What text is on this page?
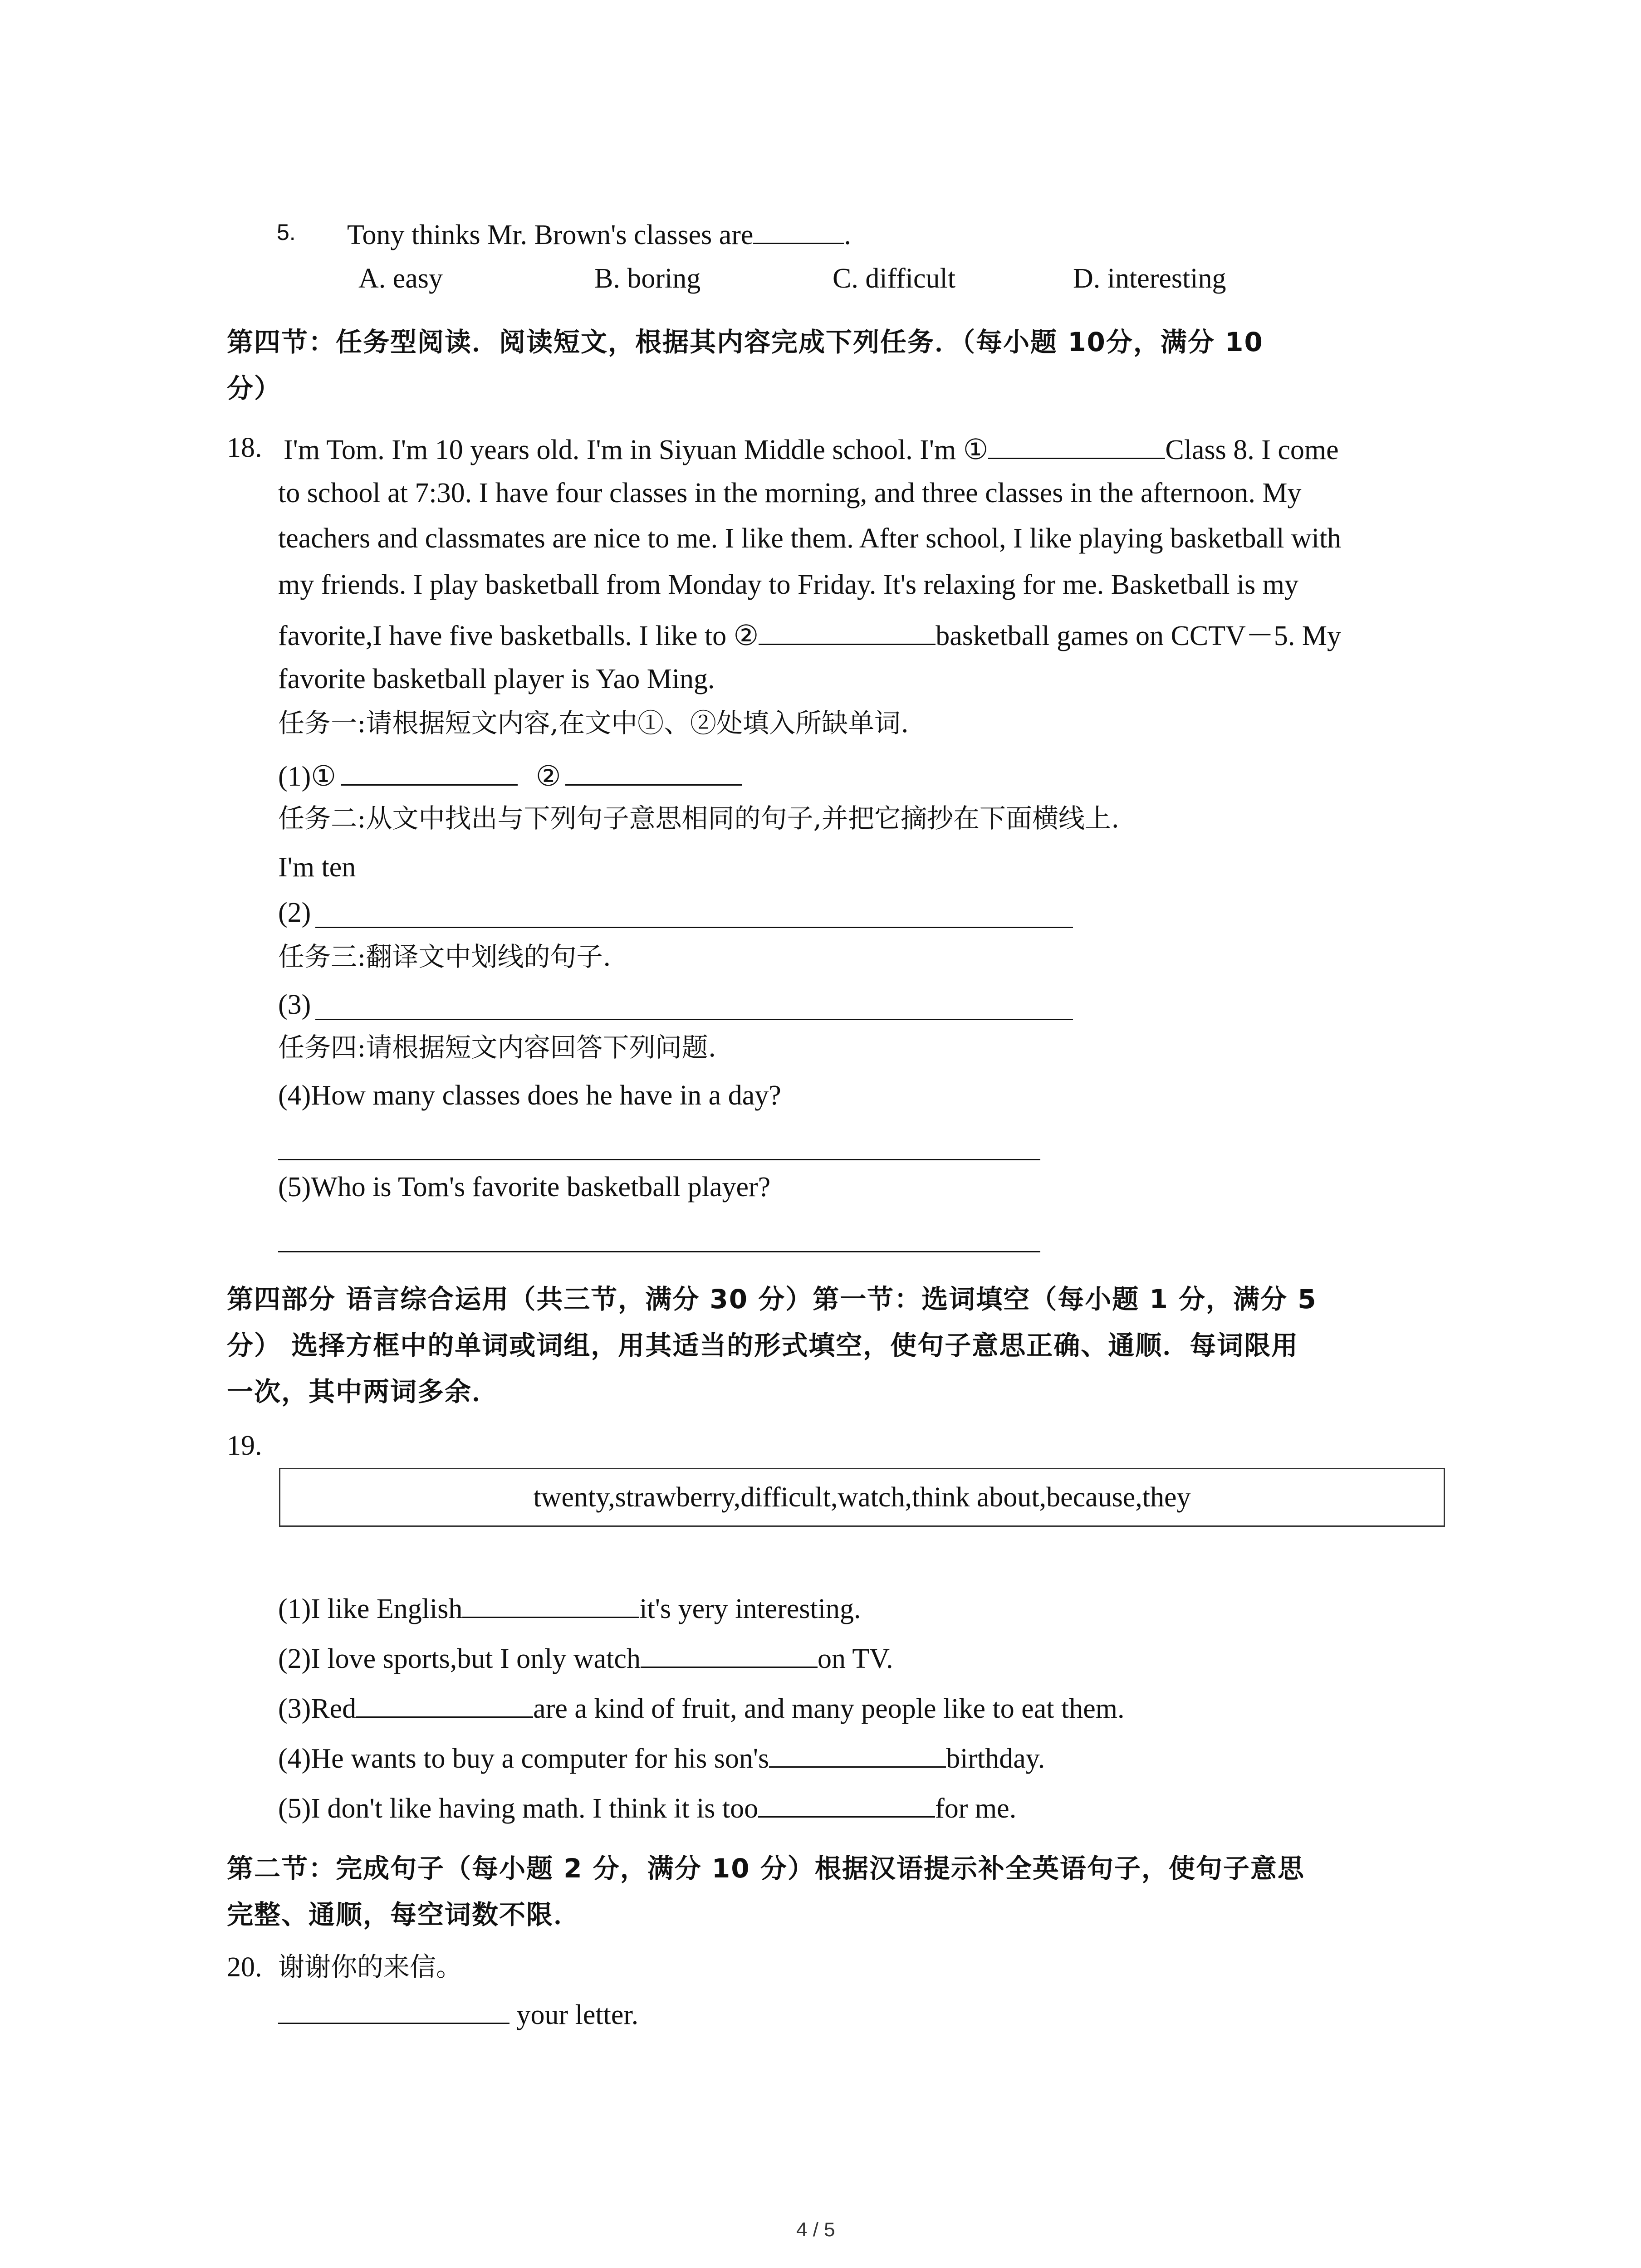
5. Tony thinks Mr. Brown's classes are	.
A. easy	B. boring	C. difficult	D. interesting
第四节：任务型阅读．阅读短文，根据其内容完成下列任务．（每小题 10分，满分 10
分）
18. I'm Tom. I'm 10 years old. I'm in Siyuan Middle school. I'm ①	Class 8. I come
to school at 7:30. I have four classes in the morning, and three classes in the afternoon. My
teachers and classmates are nice to me. I like them. After school, I like playing basketball with
my friends. I play basketball from Monday to Friday. It's relaxing for me. Basketball is my
favorite,I have five basketballs. I like to ②	basketball games on CCTV－5. My
favorite basketball player is Yao Ming.
任务一:请根据短文内容,在文中①、②处填入所缺单词.
(1)①	②
任务二:从文中找出与下列句子意思相同的句子,并把它摘抄在下面横线上.
I'm ten
(2)
任务三:翻译文中划线的句子.
(3)
任务四:请根据短文内容回答下列问题.
(4)How many classes does he have in a day?
(5)Who is Tom's favorite basketball player?
第四部分 语言综合运用（共三节，满分 30 分）第一节：选词填空（每小题 1 分，满分 5
分） 选择方框中的单词或词组，用其适当的形式填空，使句子意思正确、通顺．每词限用
一次，其中两词多余．
19.
twenty,strawberry,difficult,watch,think about,because,they
(1)I like English	it's yery interesting.
(2)I love sports,but I only watch	on TV.
(3)Red	are a kind of fruit, and many people like to eat them.
(4)He wants to buy a computer for his son's	birthday.
(5)I don't like having math. I think it is too	for me.
第二节：完成句子（每小题 2 分，满分 10 分）根据汉语提示补全英语句子，使句子意思
完整、通顺，每空词数不限．
20. 谢谢你的来信。
your letter.
4 / 5
